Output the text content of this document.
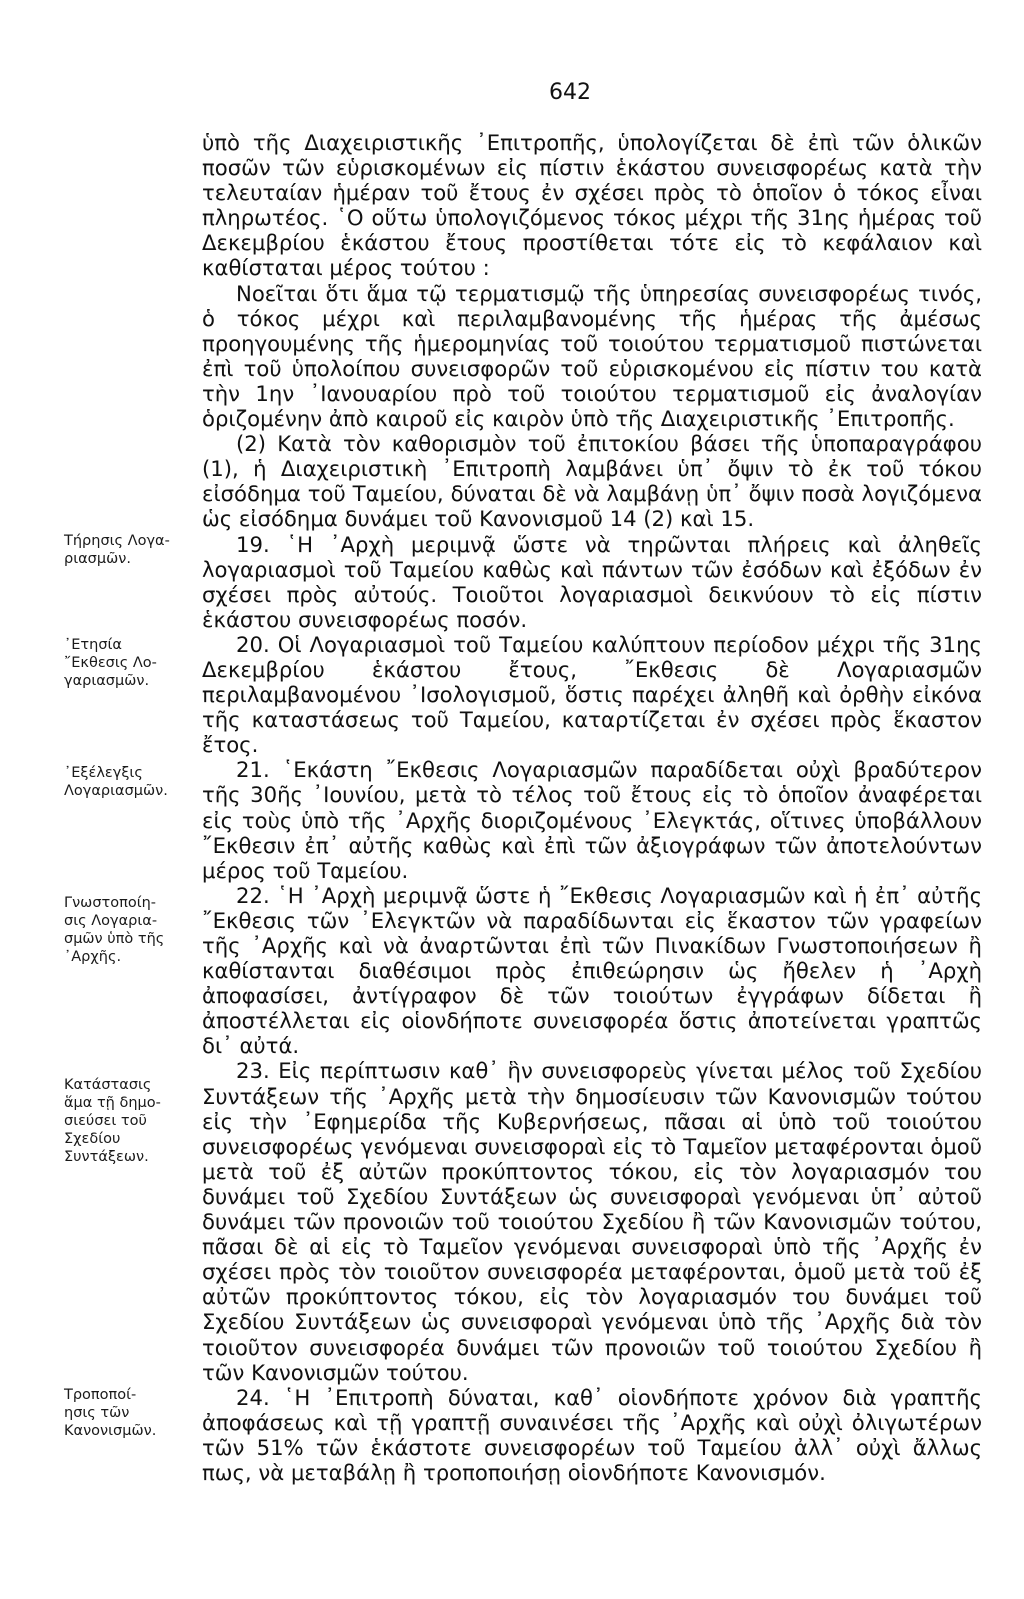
642

ὑπὸ τῆς Διαχειριστικῆς ᾿Επιτροπῆς, ὑπολογίζεται δὲ ἐπὶ τῶν ὁλικῶν ποσῶν τῶν εὑρισκομένων εἰς πίστιν ἑκάστου συνεισφορέως κατὰ τὴν τελευταίαν ἡμέραν τοῦ ἔτους ἐν σχέσει πρὸς τὸ ὁποῖον ὁ τόκος εἶναι πληρωτέος. ῾Ο οὕτω ὑπολογιζόμενος τόκος μέχρι τῆς 31ης ἡμέρας τοῦ Δεκεμβρίου ἑκάστου ἔτους προστίθεται τότε εἰς τὸ κεφάλαιον καὶ καθίσταται μέρος τούτου :

Νοεῖται ὅτι ἅμα τῷ τερματισμῷ τῆς ὑπηρεσίας συνεισφορέως τινός, ὁ τόκος μέχρι καὶ περιλαμβανομένης τῆς ἡμέρας τῆς ἀμέσως προηγουμένης τῆς ἡμερομηνίας τοῦ τοιούτου τερματισμοῦ πιστώνεται ἐπὶ τοῦ ὑπολοίπου συνεισφορῶν τοῦ εὑρισκομένου εἰς πίστιν του κατὰ τὴν 1ην ᾿Ιανουαρίου πρὸ τοῦ τοιούτου τερματισμοῦ εἰς ἀναλογίαν ὁριζομένην ἀπὸ καιροῦ εἰς καιρὸν ὑπὸ τῆς Διαχειριστικῆς ᾿Επιτροπῆς.

(2) Κατὰ τὸν καθορισμὸν τοῦ ἐπιτοκίου βάσει τῆς ὑποπαραγράφου (1), ἡ Διαχειριστικὴ ᾿Επιτροπὴ λαμβάνει ὑπ᾿ ὄψιν τὸ ἐκ τοῦ τόκου εἰσόδημα τοῦ Ταμείου, δύναται δὲ νὰ λαμβάνῃ ὑπ᾿ ὄψιν ποσὰ λογιζόμενα ὡς εἰσόδημα δυνάμει τοῦ Κανονισμοῦ 14 (2) καὶ 15.

19. ῾Η ᾿Αρχὴ μεριμνᾷ ὥστε νὰ τηρῶνται πλήρεις καὶ ἀληθεῖς λογαριασμοὶ τοῦ Ταμείου καθὼς καὶ πάντων τῶν ἐσόδων καὶ ἐξόδων ἐν σχέσει πρὸς αὐτούς. Τοιοῦτοι λογαριασμοὶ δεικνύουν τὸ εἰς πίστιν ἑκάστου συνεισφορέως ποσόν.

20. Οἱ Λογαριασμοὶ τοῦ Ταμείου καλύπτουν περίοδον μέχρι τῆς 31ης Δεκεμβρίου ἑκάστου ἔτους, ῎Εκθεσις δὲ Λογαριασμῶν περιλαμβανομένου ᾿Ισολογισμοῦ, ὅστις παρέχει ἀληθῆ καὶ ὀρθὴν εἰκόνα τῆς καταστάσεως τοῦ Ταμείου, καταρτίζεται ἐν σχέσει πρὸς ἕκαστον ἔτος.

21. ῾Εκάστη ῎Εκθεσις Λογαριασμῶν παραδίδεται οὐχὶ βραδύτερον τῆς 30ῆς ᾿Ιουνίου, μετὰ τὸ τέλος τοῦ ἔτους εἰς τὸ ὁποῖον ἀναφέρεται εἰς τοὺς ὑπὸ τῆς ᾿Αρχῆς διοριζομένους ᾿Ελεγκτάς, οἵτινες ὑποβάλλουν ῎Εκθεσιν ἐπ᾿ αὐτῆς καθὼς καὶ ἐπὶ τῶν ἀξιογράφων τῶν ἀποτελούντων μέρος τοῦ Ταμείου.

22. ῾Η ᾿Αρχὴ μεριμνᾷ ὥστε ἡ ῎Εκθεσις Λογαριασμῶν καὶ ἡ ἐπ᾿ αὐτῆς ῎Εκθεσις τῶν ᾿Ελεγκτῶν νὰ παραδίδωνται εἰς ἕκαστον τῶν γραφείων τῆς ᾿Αρχῆς καὶ νὰ ἀναρτῶνται ἐπὶ τῶν Πινακίδων Γνωστοποιήσεων ἢ καθίστανται διαθέσιμοι πρὸς ἐπιθεώρησιν ὡς ἤθελεν ἡ ᾿Αρχὴ ἀποφασίσει, ἀντίγραφον δὲ τῶν τοιούτων ἐγγράφων δίδεται ἢ ἀποστέλλεται εἰς οἱονδήποτε συνεισφορέα ὅστις ἀποτείνεται γραπτῶς δι᾿ αὐτά.

23. Εἰς περίπτωσιν καθ᾿ ἣν συνεισφορεὺς γίνεται μέλος τοῦ Σχεδίου Συντάξεων τῆς ᾿Αρχῆς μετὰ τὴν δημοσίευσιν τῶν Κανονισμῶν τούτου εἰς τὴν ᾿Εφημερίδα τῆς Κυβερνήσεως, πᾶσαι αἱ ὑπὸ τοῦ τοιούτου συνεισφορέως γενόμεναι συνεισφοραὶ εἰς τὸ Ταμεῖον μεταφέρονται ὁμοῦ μετὰ τοῦ ἐξ αὐτῶν προκύπτοντος τόκου, εἰς τὸν λογαριασμόν του δυνάμει τοῦ Σχεδίου Συντάξεων ὡς συνεισφοραὶ γενόμεναι ὑπ᾿ αὐτοῦ δυνάμει τῶν προνοιῶν τοῦ τοιούτου Σχεδίου ἢ τῶν Κανονισμῶν τούτου, πᾶσαι δὲ αἱ εἰς τὸ Ταμεῖον γενόμεναι συνεισφοραὶ ὑπὸ τῆς ᾿Αρχῆς ἐν σχέσει πρὸς τὸν τοιοῦτον συνεισφορέα μεταφέρονται, ὁμοῦ μετὰ τοῦ ἐξ αὐτῶν προκύπτοντος τόκου, εἰς τὸν λογαριασμόν του δυνάμει τοῦ Σχεδίου Συντάξεων ὡς συνεισφοραὶ γενόμεναι ὑπὸ τῆς ᾿Αρχῆς διὰ τὸν τοιοῦτον συνεισφορέα δυνάμει τῶν προνοιῶν τοῦ τοιούτου Σχεδίου ἢ τῶν Κανονισμῶν τούτου.

24. ῾Η ᾿Επιτροπὴ δύναται, καθ᾿ οἱονδήποτε χρόνον διὰ γραπτῆς ἀποφάσεως καὶ τῇ γραπτῇ συναινέσει τῆς ᾿Αρχῆς καὶ οὐχὶ ὀλιγωτέρων τῶν 51% τῶν ἑκάστοτε συνεισφορέων τοῦ Ταμείου ἀλλ᾿ οὐχὶ ἄλλως πως, νὰ μεταβάλῃ ἢ τροποποιήσῃ οἱονδήποτε Κανονισμόν.

Τήρησις Λογα-
ριασμῶν.
᾿Ετησία
῎Εκθεσις Λο-
γαριασμῶν.
᾿Εξέλεγξις
Λογαριασμῶν.
Γνωστοποίη-
σις Λογαρια-
σμῶν ὑπὸ τῆς
᾿Αρχῆς.
Κατάστασις
ἅμα τῇ δημο-
σιεύσει τοῦ
Σχεδίου
Συντάξεων.
Τροποποί-
ησις τῶν
Κανονισμῶν.
